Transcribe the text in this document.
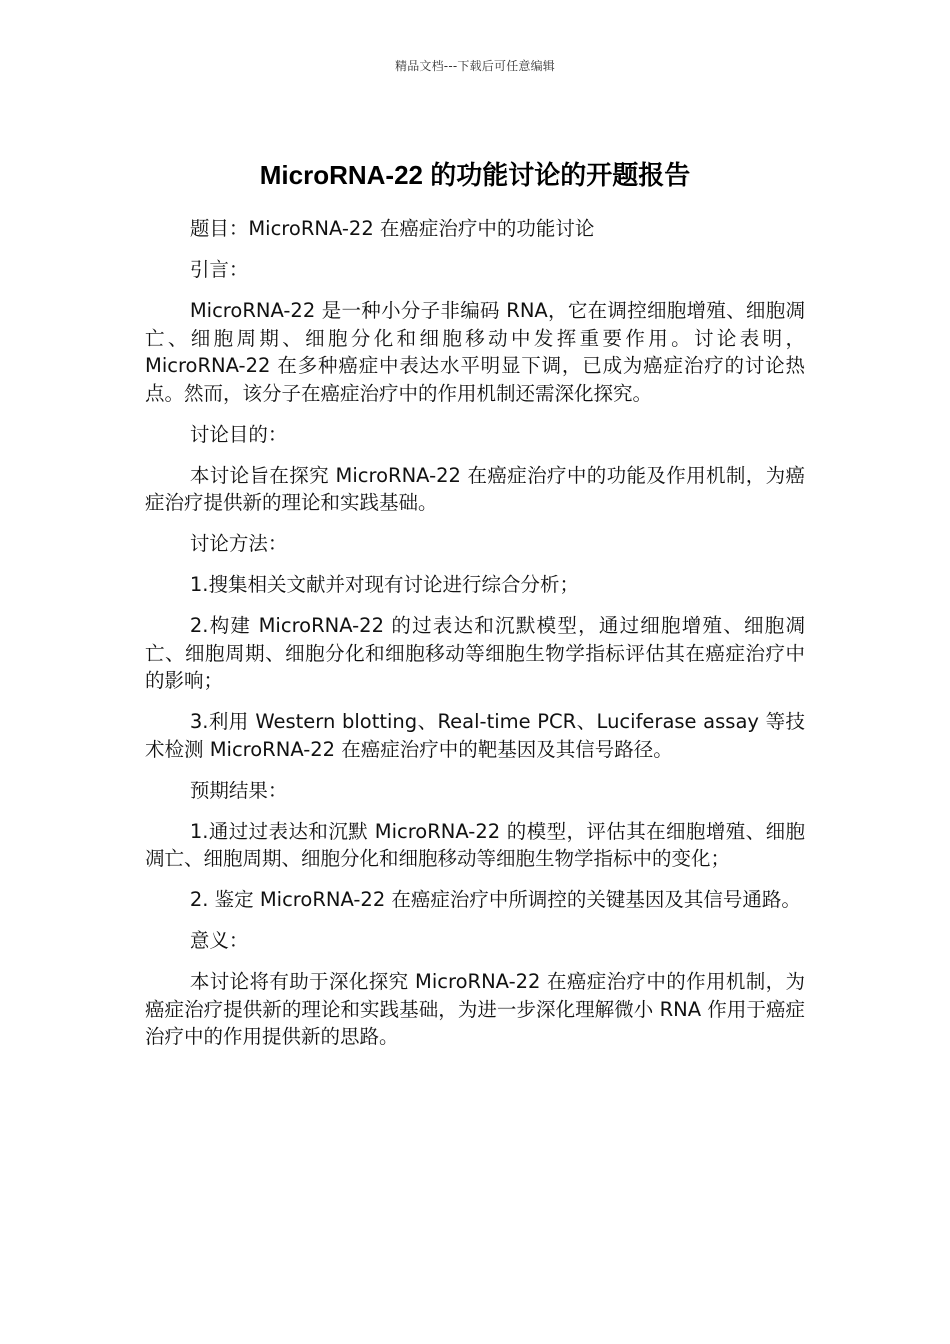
精品文档---下载后可任意编辑
MicroRNA-22 的功能讨论的开题报告

题目：MicroRNA-22 在癌症治疗中的功能讨论

引言：

MicroRNA-22 是一种小分子非编码 RNA，它在调控细胞增殖、细胞凋亡、细胞周期、细胞分化和细胞移动中发挥重要作用。讨论表明，MicroRNA-22 在多种癌症中表达水平明显下调，已成为癌症治疗的讨论热点。然而，该分子在癌症治疗中的作用机制还需深化探究。

讨论目的：

本讨论旨在探究 MicroRNA-22 在癌症治疗中的功能及作用机制，为癌症治疗提供新的理论和实践基础。

讨论方法：

1.搜集相关文献并对现有讨论进行综合分析；

2.构建 MicroRNA-22 的过表达和沉默模型，通过细胞增殖、细胞凋亡、细胞周期、细胞分化和细胞移动等细胞生物学指标评估其在癌症治疗中的影响；

3.利用 Western blotting、Real-time PCR、Luciferase assay 等技术检测 MicroRNA-22 在癌症治疗中的靶基因及其信号路径。

预期结果：

1.通过过表达和沉默 MicroRNA-22 的模型，评估其在细胞增殖、细胞凋亡、细胞周期、细胞分化和细胞移动等细胞生物学指标中的变化；

2. 鉴定 MicroRNA-22 在癌症治疗中所调控的关键基因及其信号通路。

意义：

本讨论将有助于深化探究 MicroRNA-22 在癌症治疗中的作用机制，为癌症治疗提供新的理论和实践基础，为进一步深化理解微小 RNA 作用于癌症治疗中的作用提供新的思路。
